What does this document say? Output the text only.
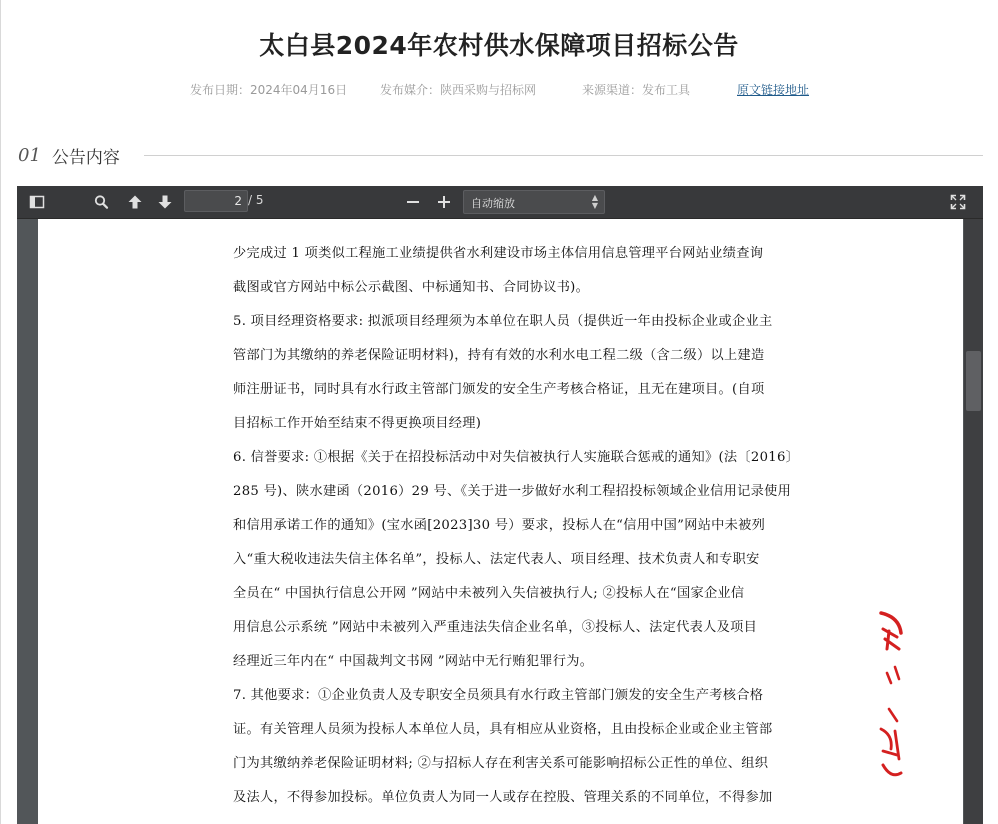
太白县2024年农村供水保障项目招标公告
发布日期：2024年04月16日	发布媒介：陕西采购与招标网	来源渠道：发布工具	原文链接地址
01 公告内容
2
/ 5	自动缩放	▲
▼
少完成过 1 项类似工程施工业绩提供省水利建设市场主体信用信息管理平台网站业绩查询
截图或官方网站中标公示截图、中标通知书、合同协议书)。
5. 项目经理资格要求: 拟派项目经理须为本单位在职人员（提供近一年由投标企业或企业主
管部门为其缴纳的养老保险证明材料)，持有有效的水利水电工程二级（含二级）以上建造
师注册证书，同时具有水行政主管部门颁发的安全生产考核合格证，且无在建项目。(自项
目招标工作开始至结束不得更换项目经理)
6. 信誉要求: ①根据《关于在招投标活动中对失信被执行人实施联合惩戒的通知》(法〔2016〕
285 号)、陕水建函（2016）29 号、《关于进一步做好水利工程招投标领域企业信用记录使用
和信用承诺工作的通知》(宝水函[2023]30 号）要求，投标人在“信用中国”网站中未被列
入“重大税收违法失信主体名单”，投标人、法定代表人、项目经理、技术负责人和专职安
全员在“ 中国执行信息公开网 ”网站中未被列入失信被执行人; ②投标人在“国家企业信
用信息公示系统 ”网站中未被列入严重违法失信企业名单，③投标人、法定代表人及项目
经理近三年内在“ 中国裁判文书网 ”网站中无行贿犯罪行为。
7. 其他要求：①企业负责人及专职安全员须具有水行政主管部门颁发的安全生产考核合格
证。有关管理人员须为投标人本单位人员，具有相应从业资格，且由投标企业或企业主管部
门为其缴纳养老保险证明材料; ②与招标人存在利害关系可能影响招标公正性的单位、组织
及法人，不得参加投标。单位负责人为同一人或存在控股、管理关系的不同单位，不得参加
